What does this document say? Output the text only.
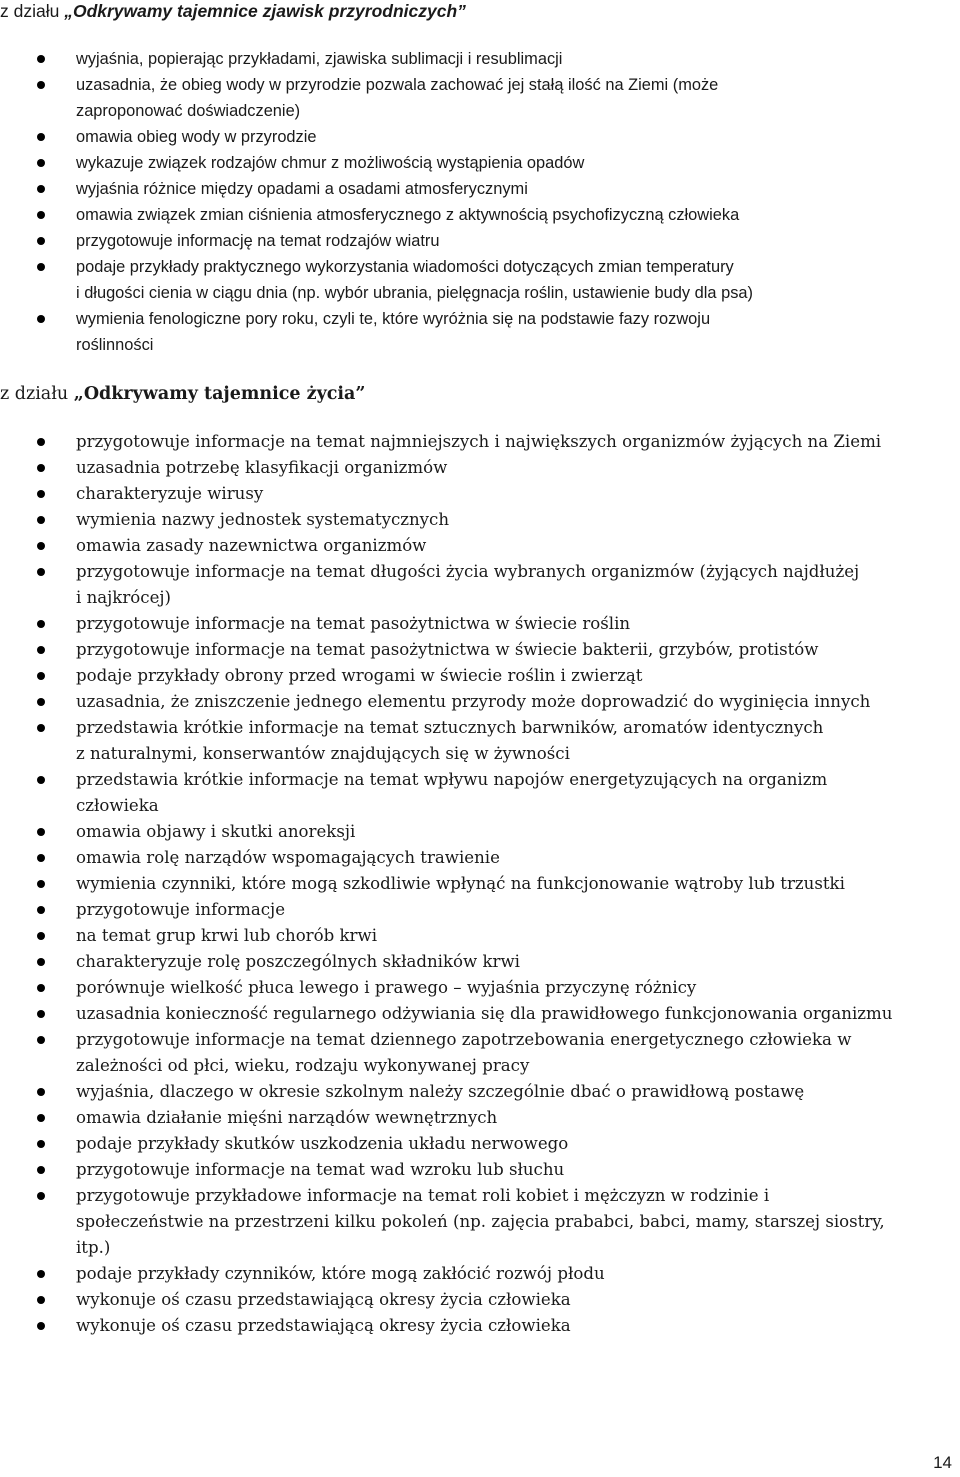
z działu „Odkrywamy tajemnice zjawisk przyrodniczych”
wyjaśnia, popierając przykładami, zjawiska sublimacji i resublimacji
uzasadnia, że obieg wody w przyrodzie pozwala zachować jej stałą ilość na Ziemi (może
zaproponować doświadczenie)
omawia obieg wody w przyrodzie
wykazuje związek rodzajów chmur z możliwością wystąpienia opadów
wyjaśnia różnice między opadami a osadami atmosferycznymi
omawia związek zmian ciśnienia atmosferycznego z aktywnością psychofizyczną człowieka
przygotowuje informację na temat rodzajów wiatru
podaje przykłady praktycznego wykorzystania wiadomości dotyczących zmian temperatury
i długości cienia w ciągu dnia (np. wybór ubrania, pielęgnacja roślin, ustawienie budy dla psa)
wymienia fenologiczne pory roku, czyli te, które wyróżnia się na podstawie fazy rozwoju
roślinności
z działu „Odkrywamy tajemnice życia”
przygotowuje informacje na temat najmniejszych i największych organizmów żyjących na Ziemi
uzasadnia potrzebę klasyfikacji organizmów
charakteryzuje wirusy
wymienia nazwy jednostek systematycznych
omawia zasady nazewnictwa organizmów
przygotowuje informacje na temat długości życia wybranych organizmów (żyjących najdłużej
i najkrócej)
przygotowuje informacje na temat pasożytnictwa w świecie roślin
przygotowuje informacje na temat pasożytnictwa w świecie bakterii, grzybów, protistów
podaje przykłady obrony przed wrogami w świecie roślin i zwierząt
uzasadnia, że zniszczenie jednego elementu przyrody może doprowadzić do wyginięcia innych
przedstawia krótkie informacje na temat sztucznych barwników, aromatów identycznych
z naturalnymi, konserwantów znajdujących się w żywności
przedstawia krótkie informacje na temat wpływu napojów energetyzujących na organizm
człowieka
omawia objawy i skutki anoreksji
omawia rolę narządów wspomagających trawienie
wymienia czynniki, które mogą szkodliwie wpłynąć na funkcjonowanie wątroby lub trzustki
przygotowuje informacje
na temat grup krwi lub chorób krwi
charakteryzuje rolę poszczególnych składników krwi
porównuje wielkość płuca lewego i prawego – wyjaśnia przyczynę różnicy
uzasadnia konieczność regularnego odżywiania się dla prawidłowego funkcjonowania organizmu
przygotowuje informacje na temat dziennego zapotrzebowania energetycznego człowieka w
zależności od płci, wieku, rodzaju wykonywanej pracy
wyjaśnia, dlaczego w okresie szkolnym należy szczególnie dbać o prawidłową postawę
omawia działanie mięśni narządów wewnętrznych
podaje przykłady skutków uszkodzenia układu nerwowego
przygotowuje informacje na temat wad wzroku lub słuchu
przygotowuje przykładowe informacje na temat roli kobiet i mężczyzn w rodzinie i
społeczeństwie na przestrzeni kilku pokoleń (np. zajęcia prababci, babci, mamy, starszej siostry,
itp.)
podaje przykłady czynników, które mogą zakłócić rozwój płodu
wykonuje oś czasu przedstawiającą okresy życia człowieka
wykonuje oś czasu przedstawiającą okresy życia człowieka
14
